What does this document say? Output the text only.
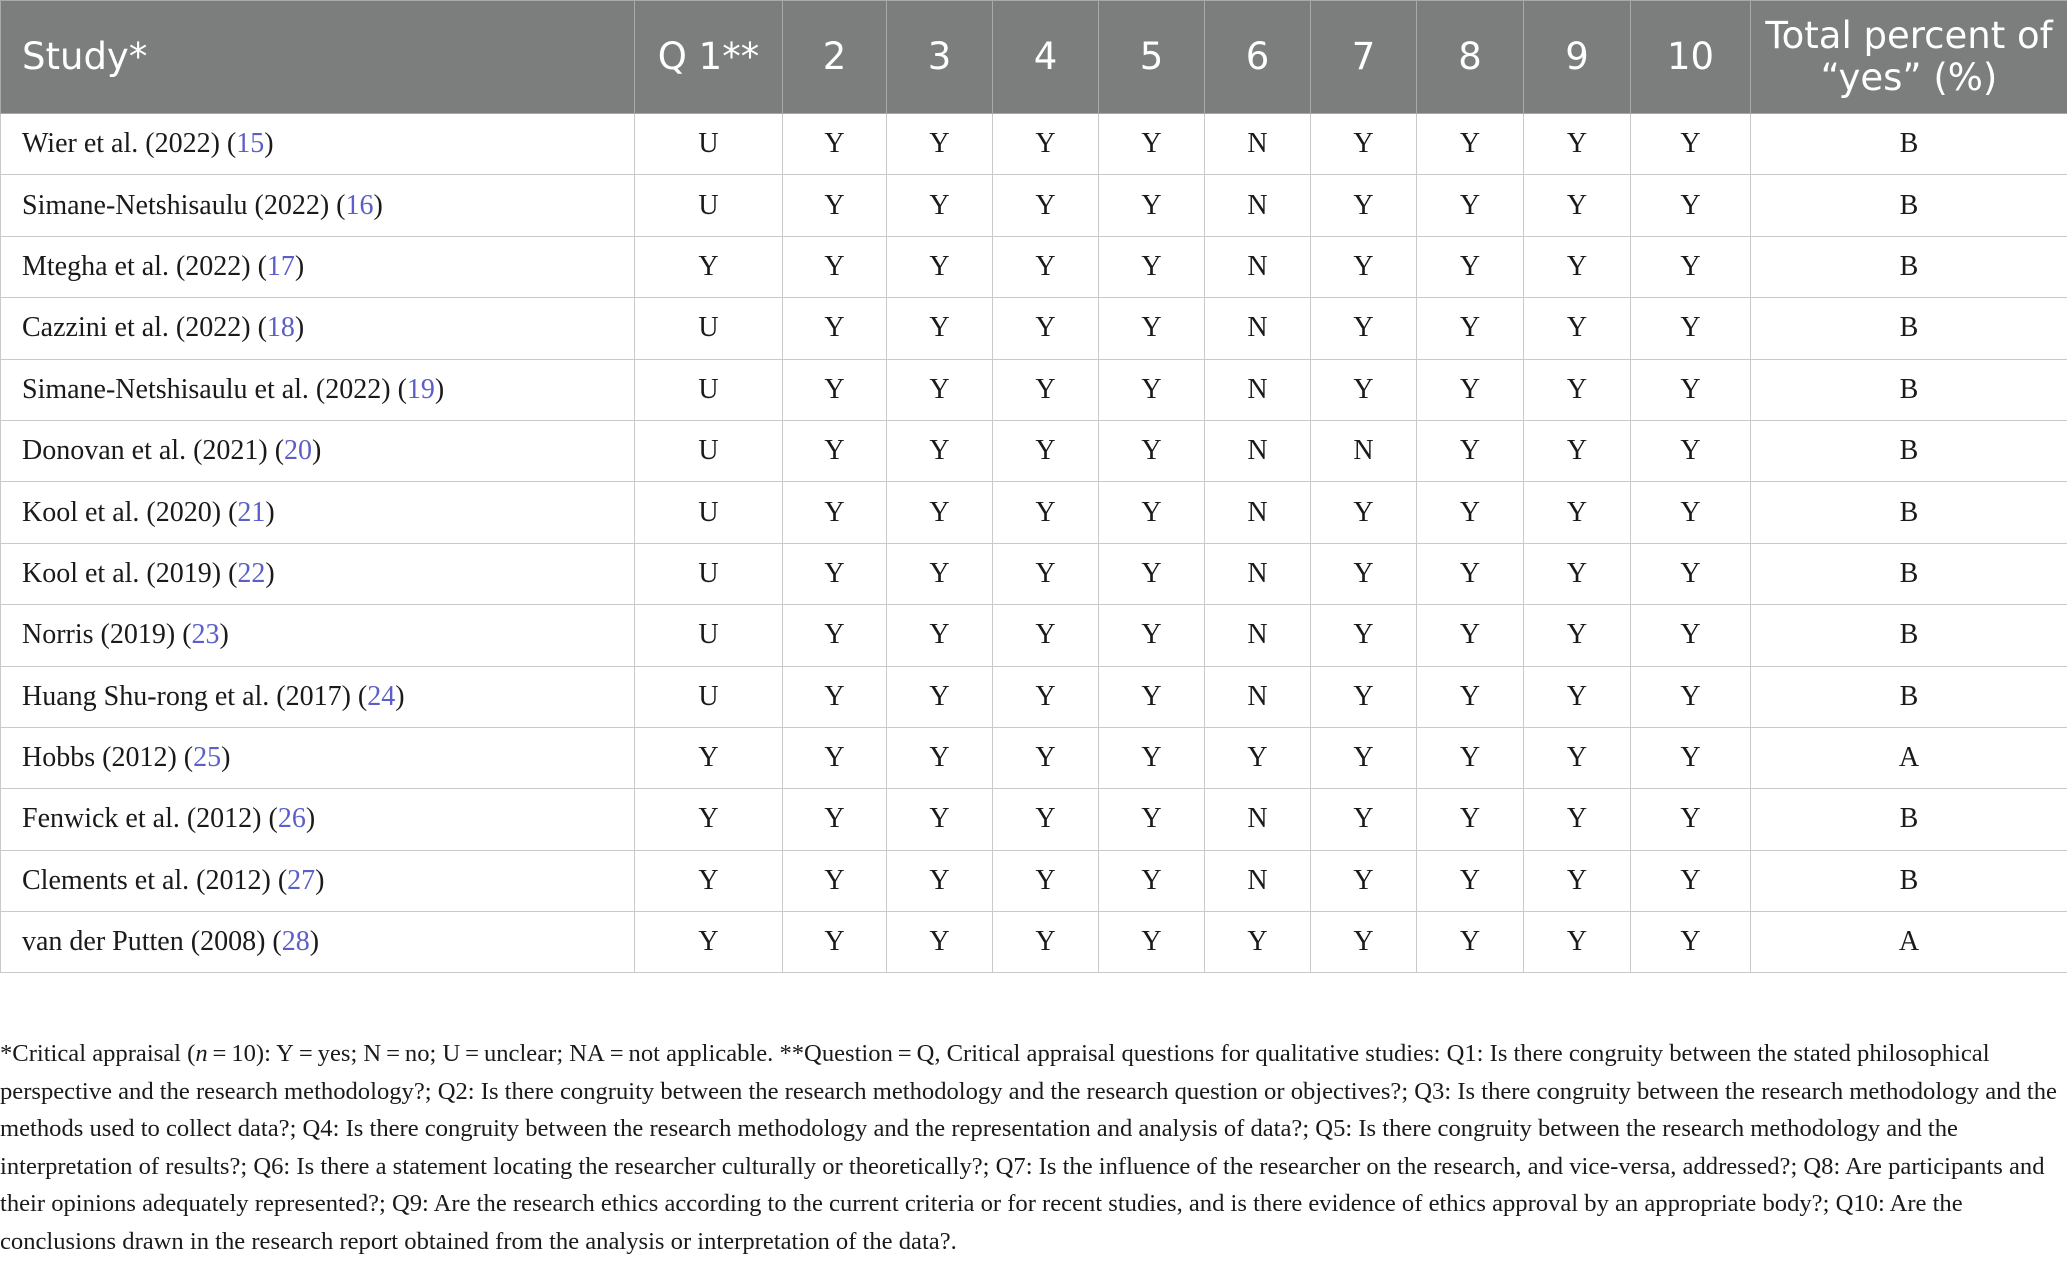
Study*	Q 1**	2	3	4	5	6	7	8	9	10	Total percent of “yes” (%)
Wier et al. (2022) (15)	U	Y	Y	Y	Y	N	Y	Y	Y	Y	B
Simane-Netshisaulu (2022) (16)	U	Y	Y	Y	Y	N	Y	Y	Y	Y	B
Mtegha et al. (2022) (17)	Y	Y	Y	Y	Y	N	Y	Y	Y	Y	B
Cazzini et al. (2022) (18)	U	Y	Y	Y	Y	N	Y	Y	Y	Y	B
Simane-Netshisaulu et al. (2022) (19)	U	Y	Y	Y	Y	N	Y	Y	Y	Y	B
Donovan et al. (2021) (20)	U	Y	Y	Y	Y	N	N	Y	Y	Y	B
Kool et al. (2020) (21)	U	Y	Y	Y	Y	N	Y	Y	Y	Y	B
Kool et al. (2019) (22)	U	Y	Y	Y	Y	N	Y	Y	Y	Y	B
Norris (2019) (23)	U	Y	Y	Y	Y	N	Y	Y	Y	Y	B
Huang Shu-rong et al. (2017) (24)	U	Y	Y	Y	Y	N	Y	Y	Y	Y	B
Hobbs (2012) (25)	Y	Y	Y	Y	Y	Y	Y	Y	Y	Y	A
Fenwick et al. (2012) (26)	Y	Y	Y	Y	Y	N	Y	Y	Y	Y	B
Clements et al. (2012) (27)	Y	Y	Y	Y	Y	N	Y	Y	Y	Y	B
van der Putten (2008) (28)	Y	Y	Y	Y	Y	Y	Y	Y	Y	Y	A
*Critical appraisal (n = 10): Y = yes; N = no; U = unclear; NA = not applicable. **Question = Q, Critical appraisal questions for qualitative studies: Q1: Is there congruity between the stated philosophical perspective and the research methodology?; Q2: Is there congruity between the research methodology and the research question or objectives?; Q3: Is there congruity between the research methodology and the methods used to collect data?; Q4: Is there congruity between the research methodology and the representation and analysis of data?; Q5: Is there congruity between the research methodology and the interpretation of results?; Q6: Is there a statement locating the researcher culturally or theoretically?; Q7: Is the influence of the researcher on the research, and vice-versa, addressed?; Q8: Are participants and their opinions adequately represented?; Q9: Are the research ethics according to the current criteria or for recent studies, and is there evidence of ethics approval by an appropriate body?; Q10: Are the conclusions drawn in the research report obtained from the analysis or interpretation of the data?.
